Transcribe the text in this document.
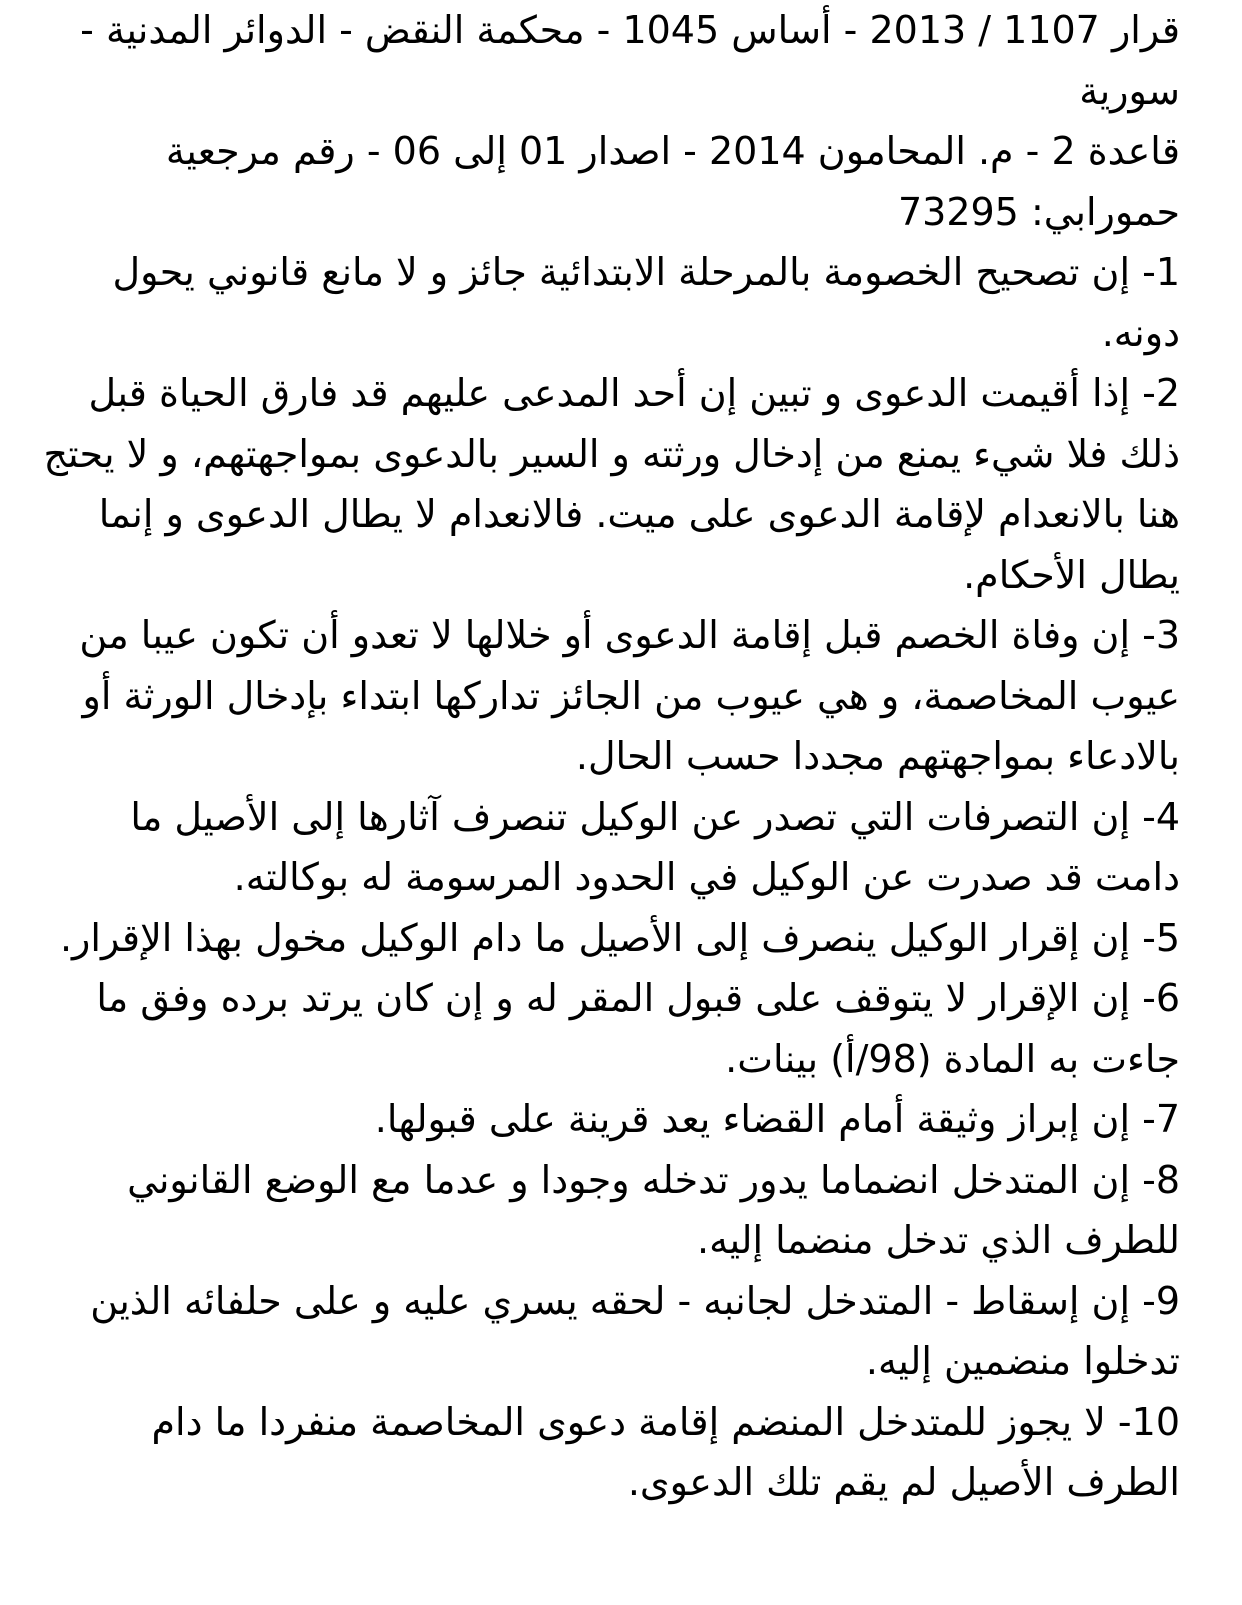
قرار 1107 / 2013 - أساس 1045 - محكمة النقض - الدوائر المدنية - سورية

قاعدة 2 - م. المحامون 2014 - اصدار 01 إلى 06 - رقم مرجعية حمورابي: 73295

1- إن تصحيح الخصومة بالمرحلة الابتدائية جائز و لا مانع قانوني يحول دونه.

2- إذا أقيمت الدعوى و تبين إن أحد المدعى عليهم قد فارق الحياة قبل ذلك فلا شيء يمنع من إدخال ورثته و السير بالدعوى بمواجهتهم، و لا يحتج هنا بالانعدام لإقامة الدعوى على ميت. فالانعدام لا يطال الدعوى و إنما يطال الأحكام.

3- إن وفاة الخصم قبل إقامة الدعوى أو خلالها لا تعدو أن تكون عيبا من عيوب المخاصمة، و هي عيوب من الجائز تداركها ابتداء بإدخال الورثة أو بالادعاء بمواجهتهم مجددا حسب الحال.

4- إن التصرفات التي تصدر عن الوكيل تنصرف آثارها إلى الأصيل ما دامت قد صدرت عن الوكيل في الحدود المرسومة له بوكالته.

5- إن إقرار الوكيل ينصرف إلى الأصيل ما دام الوكيل مخول بهذا الإقرار.

6- إن الإقرار لا يتوقف على قبول المقر له و إن كان يرتد برده وفق ما جاءت به المادة (98/أ) بينات.

7- إن إبراز وثيقة أمام القضاء يعد قرينة على قبولها.

8- إن المتدخل انضماما يدور تدخله وجودا و عدما مع الوضع القانوني للطرف الذي تدخل منضما إليه.

9- إن إسقاط - المتدخل لجانبه - لحقه يسري عليه و على حلفائه الذين تدخلوا منضمين إليه.

10- لا يجوز للمتدخل المنضم إقامة دعوى المخاصمة منفردا ما دام الطرف الأصيل لم يقم تلك الدعوى.
